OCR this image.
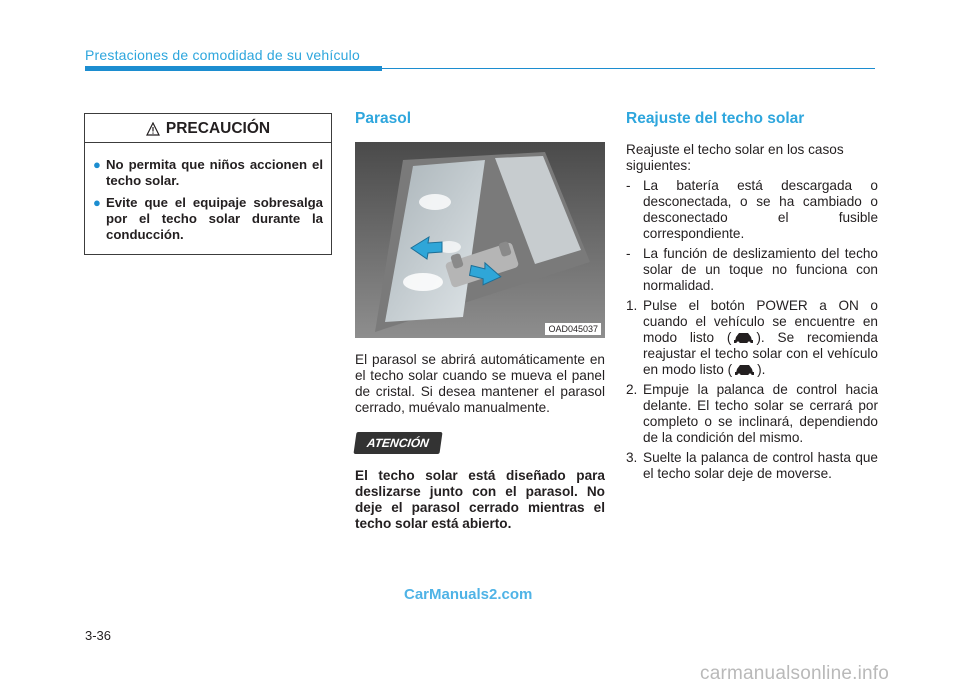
Prestaciones de comodidad de su vehículo
PRECAUCIÓN
● No permita que niños accionen el techo solar.
● Evite que el equipaje sobresalga por el techo solar durante la conducción.
Parasol
OAD045037

El parasol se abrirá automáticamente en el techo solar cuando se mueva el panel de cristal. Si desea mantener el parasol cerrado, muévalo manualmente.

ATENCIÓN

El techo solar está diseñado para deslizarse junto con el parasol. No deje el parasol cerrado mientras el techo solar está abierto.

Reajuste del techo solar

Reajuste el techo solar en los casos siguientes:

- La batería está descargada o desconectada, o se ha cambiado o desconectado el fusible correspondiente.
- La función de deslizamiento del techo solar de un toque no funciona con normalidad.
1. Pulse el botón POWER a ON o cuando el vehículo se encuentre en modo listo ( ). Se recomienda reajustar el techo solar con el vehículo en modo listo ( ).
2. Empuje la palanca de control hacia delante. El techo solar se cerrará por completo o se inclinará, dependiendo de la condición del mismo.
3. Suelte la palanca de control hasta que el techo solar deje de moverse.
CarManuals2.com
3-36
carmanualsonline.info
